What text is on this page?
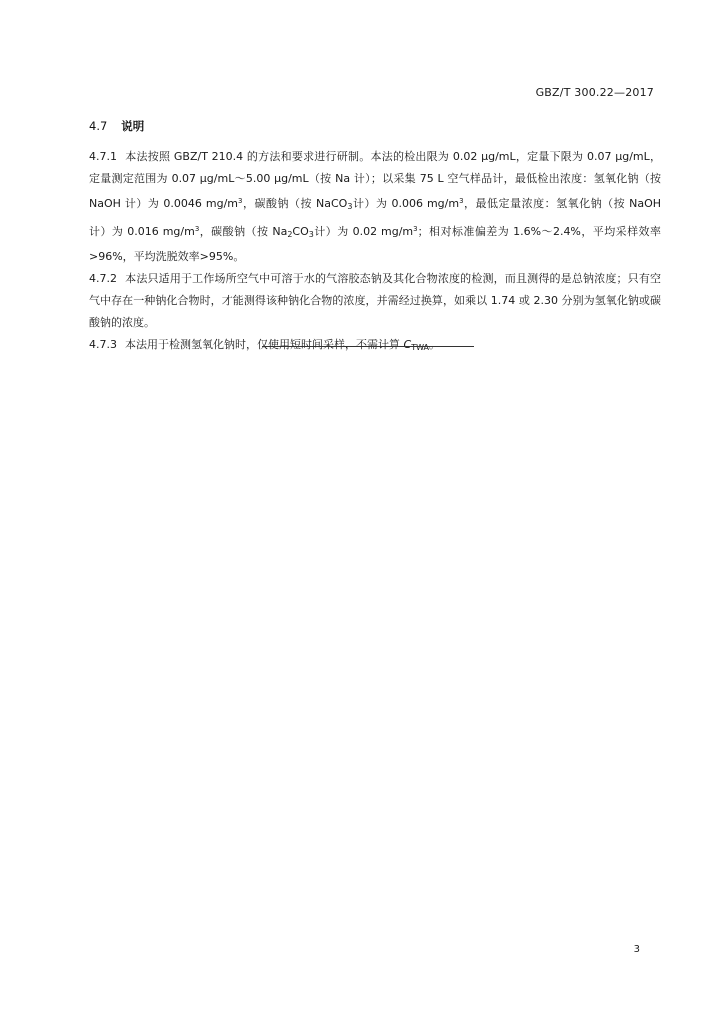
GBZ/T 300.22—2017
4.7 说明

4.7.1 本法按照 GBZ/T 210.4 的方法和要求进行研制。本法的检出限为 0.02 μg/mL，定量下限为 0.07 μg/mL，定量测定范围为 0.07 μg/mL～5.00 μg/mL（按 Na 计）；以采集 75 L 空气样品计，最低检出浓度：氢氧化钠（按 NaOH 计）为 0.0046 $mg/m^3$，碳酸钠（按 NaCO$_3$计）为 0.006 $mg/m^3$，最低定量浓度：氢氧化钠（按 NaOH 计）为 0.016 $mg/m^3$，碳酸钠（按 $Na_2CO_3$计）为 0.02 $mg/m^3$；相对标准偏差为 1.6%～2.4%，平均采样效率>96%，平均洗脱效率>95%。

4.7.2 本法只适用于工作场所空气中可溶于水的气溶胶态钠及其化合物浓度的检测，而且测得的是总钠浓度；只有空气中存在一种钠化合物时，才能测得该种钠化合物的浓度，并需经过换算，如乘以 1.74 或 2.30 分别为氢氧化钠或碳酸钠的浓度。

4.7.3 本法用于检测氢氧化钠时，仅使用短时间采样，不需计算 $C_{TWA}$。

3
